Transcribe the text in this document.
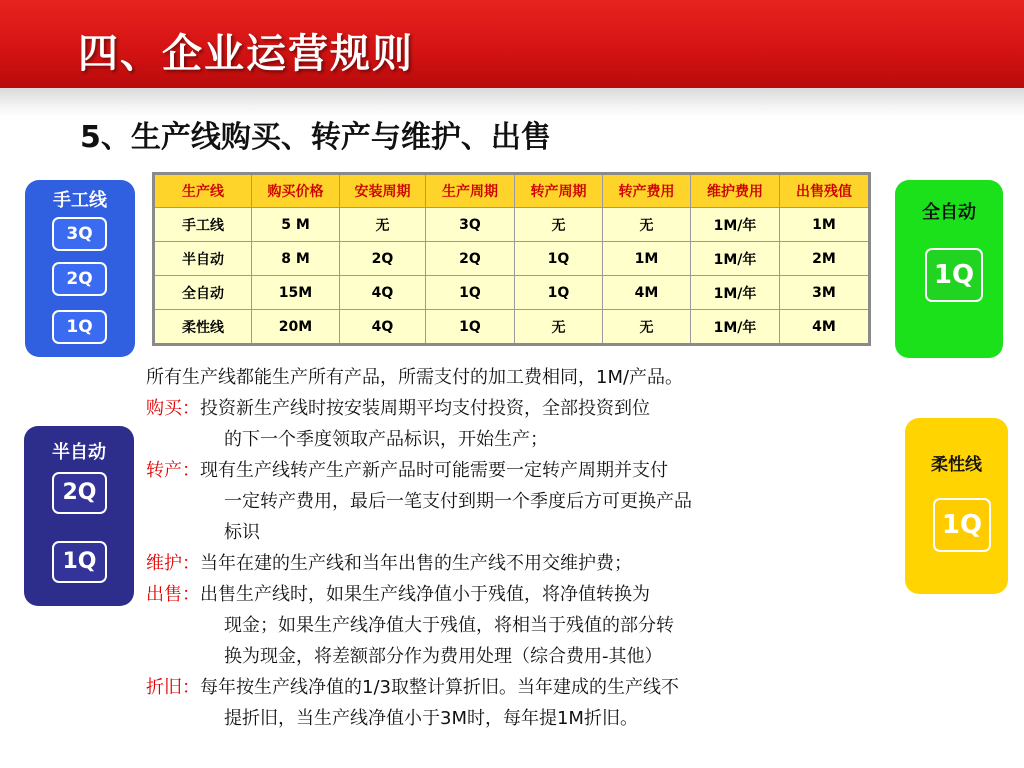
四、企业运营规则
5、生产线购买、转产与维护、出售
手工线
3Q
2Q
1Q
半自动
2Q
1Q
全自动
1Q
柔性线
1Q
生产线	购买价格	安装周期	生产周期	转产周期	转产费用	维护费用	出售残值
手工线	5 M	无	3Q	无	无	1M/年	1M
半自动	8 M	2Q	2Q	1Q	1M	1M/年	2M
全自动	15M	4Q	1Q	1Q	4M	1M/年	3M
柔性线	20M	4Q	1Q	无	无	1M/年	4M
所有生产线都能生产所有产品，所需支付的加工费相同，1M/产品。
购买：投资新生产线时按安装周期平均支付投资，全部投资到位
的下一个季度领取产品标识，开始生产；
转产：现有生产线转产生产新产品时可能需要一定转产周期并支付
一定转产费用，最后一笔支付到期一个季度后方可更换产品
标识
维护：当年在建的生产线和当年出售的生产线不用交维护费；
出售：出售生产线时，如果生产线净值小于残值，将净值转换为
现金；如果生产线净值大于残值，将相当于残值的部分转
换为现金，将差额部分作为费用处理（综合费用-其他）
折旧：每年按生产线净值的1/3取整计算折旧。当年建成的生产线不
提折旧，当生产线净值小于3M时，每年提1M折旧。
